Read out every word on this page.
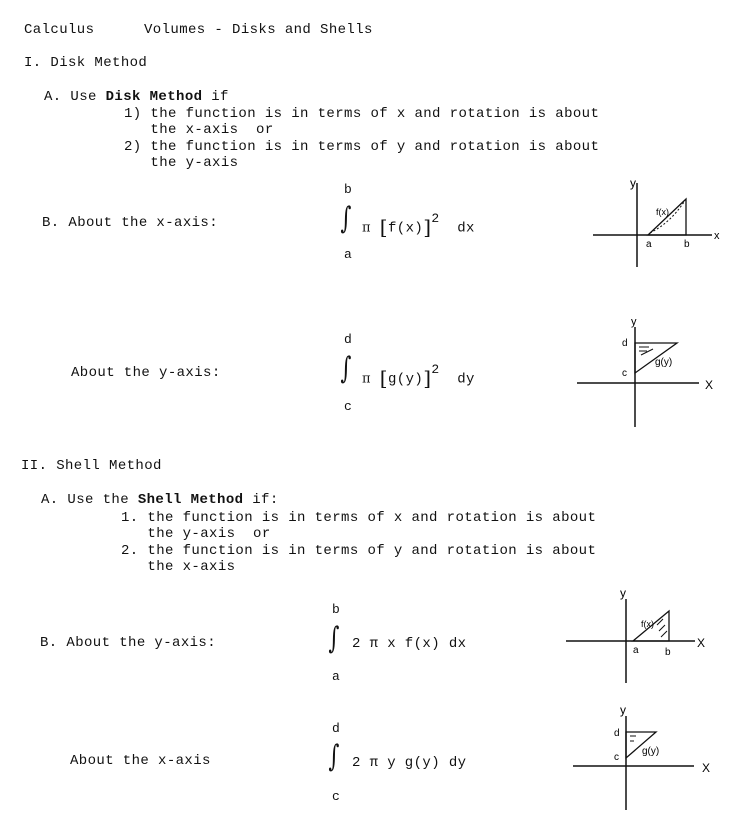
Calculus	Volumes - Disks and Shells
I. Disk Method
A. Use Disk Method if
1) the function is in terms of x and rotation is about
the x-axis  or
2) the function is in terms of y and rotation is about
the y-axis
B. About the x-axis:
b
∫
a
π $[f(x)]^2$  dx
y
x
a	b
f(x)
About the y-axis:
d
∫
c
π $[g(y)]^2$  dy
y
X
d
c
g(y)
II. Shell Method
A. Use the Shell Method if:
1. the function is in terms of x and rotation is about
the y-axis  or
2. the function is in terms of y and rotation is about
the x-axis
B. About the y-axis:
b
∫
a
2 π x f(x) dx
y
X
a	b
f(x)
About the x-axis
d
∫
c
2 π y g(y) dy
y
X
d
c
g(y)
